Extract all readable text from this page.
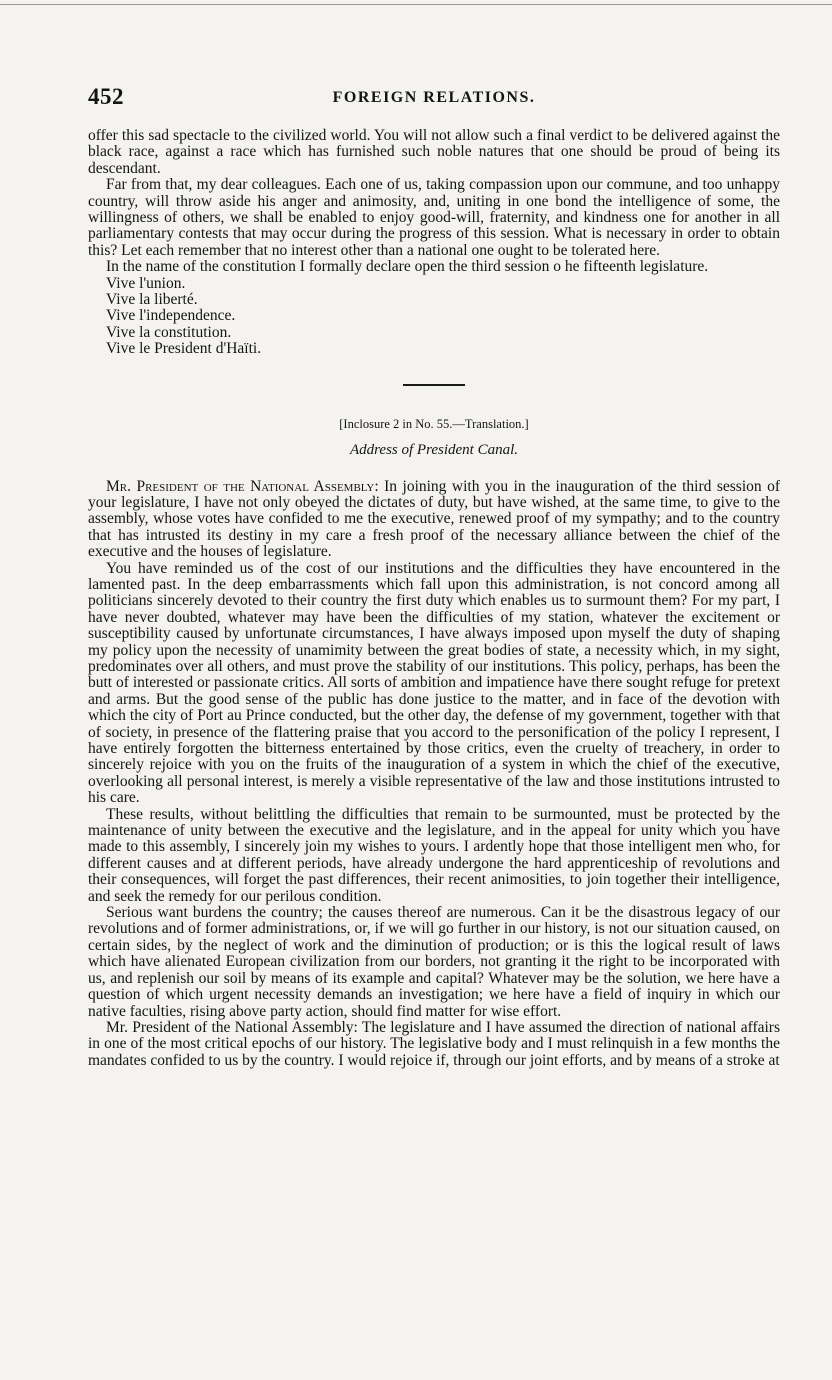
452	FOREIGN RELATIONS.

offer this sad spectacle to the civilized world. You will not allow such a final verdict to be delivered against the black race, against a race which has furnished such noble natures that one should be proud of being its descendant.

Far from that, my dear colleagues. Each one of us, taking compassion upon our commune, and too unhappy country, will throw aside his anger and animosity, and, uniting in one bond the intelligence of some, the willingness of others, we shall be enabled to enjoy good-will, fraternity, and kindness one for another in all parliamentary contests that may occur during the progress of this session. What is necessary in order to obtain this? Let each remember that no interest other than a national one ought to be tolerated here.

In the name of the constitution I formally declare open the third session o he fifteenth legislature.

Vive l'union.
Vive la liberté.
Vive l'independence.
Vive la constitution.
Vive le President d'Haïti.
[Inclosure 2 in No. 55.—Translation.]
Address of President Canal.

Mr. President of the National Assembly: In joining with you in the inauguration of the third session of your legislature, I have not only obeyed the dictates of duty, but have wished, at the same time, to give to the assembly, whose votes have confided to me the executive, renewed proof of my sympathy; and to the country that has intrusted its destiny in my care a fresh proof of the necessary alliance between the chief of the executive and the houses of legislature.

You have reminded us of the cost of our institutions and the difficulties they have encountered in the lamented past. In the deep embarrassments which fall upon this administration, is not concord among all politicians sincerely devoted to their country the first duty which enables us to surmount them? For my part, I have never doubted, whatever may have been the difficulties of my station, whatever the excitement or susceptibility caused by unfortunate circumstances, I have always imposed upon myself the duty of shaping my policy upon the necessity of unamimity between the great bodies of state, a necessity which, in my sight, predominates over all others, and must prove the stability of our institutions. This policy, perhaps, has been the butt of interested or passionate critics. All sorts of ambition and impatience have there sought refuge for pretext and arms. But the good sense of the public has done justice to the matter, and in face of the devotion with which the city of Port au Prince conducted, but the other day, the defense of my government, together with that of society, in presence of the flattering praise that you accord to the personification of the policy I represent, I have entirely forgotten the bitterness entertained by those critics, even the cruelty of treachery, in order to sincerely rejoice with you on the fruits of the inauguration of a system in which the chief of the executive, overlooking all personal interest, is merely a visible representative of the law and those institutions intrusted to his care.

These results, without belittling the difficulties that remain to be surmounted, must be protected by the maintenance of unity between the executive and the legislature, and in the appeal for unity which you have made to this assembly, I sincerely join my wishes to yours. I ardently hope that those intelligent men who, for different causes and at different periods, have already undergone the hard apprenticeship of revolutions and their consequences, will forget the past differences, their recent animosities, to join together their intelligence, and seek the remedy for our perilous condition.

Serious want burdens the country; the causes thereof are numerous. Can it be the disastrous legacy of our revolutions and of former administrations, or, if we will go further in our history, is not our situation caused, on certain sides, by the neglect of work and the diminution of production; or is this the logical result of laws which have alienated European civilization from our borders, not granting it the right to be incorporated with us, and replenish our soil by means of its example and capital? Whatever may be the solution, we here have a question of which urgent necessity demands an investigation; we here have a field of inquiry in which our native faculties, rising above party action, should find matter for wise effort.

Mr. President of the National Assembly: The legislature and I have assumed the direction of national affairs in one of the most critical epochs of our history. The legislative body and I must relinquish in a few months the mandates confided to us by the country. I would rejoice if, through our joint efforts, and by means of a stroke at
